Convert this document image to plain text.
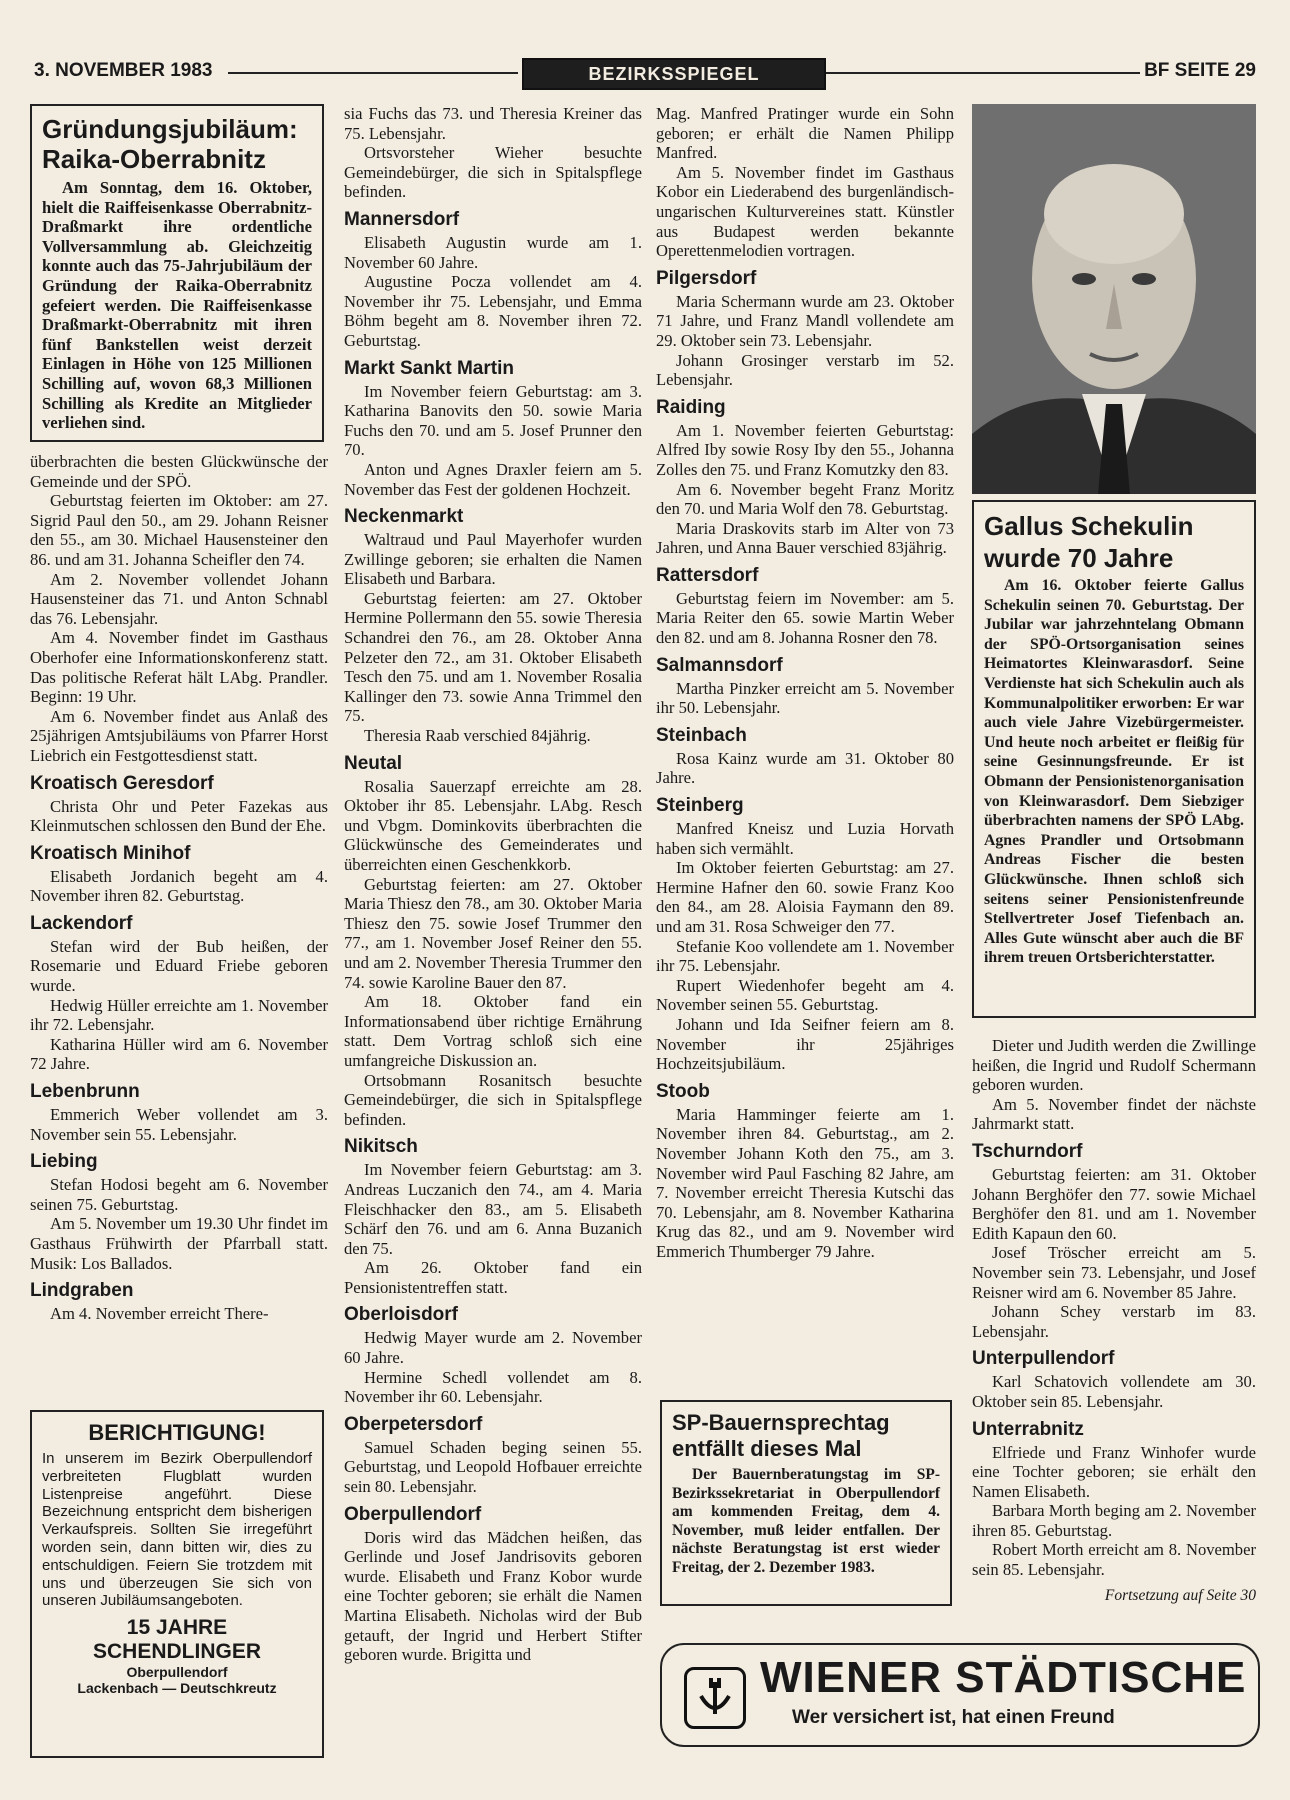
3. NOVEMBER 1983	BEZIRKSSPIEGEL	BF SEITE 29
Gründungsjubiläum:
Raika-Oberrabnitz

Am Sonntag, dem 16. Oktober, hielt die Raiffeisenkasse Oberrabnitz-Draßmarkt ihre ordentliche Vollversammlung ab. Gleichzeitig konnte auch das 75-Jahrjubiläum der Gründung der Raika-Oberrabnitz gefeiert werden. Die Raiffeisenkasse Draßmarkt-Oberrabnitz mit ihren fünf Bankstellen weist derzeit Einlagen in Höhe von 125 Millionen Schilling auf, wovon 68,3 Millionen Schilling als Kredite an Mitglieder verliehen sind.

überbrachten die besten Glückwünsche der Gemeinde und der SPÖ.

Geburtstag feierten im Oktober: am 27. Sigrid Paul den 50., am 29. Johann Reisner den 55., am 30. Michael Hausensteiner den 86. und am 31. Johanna Scheifler den 74.

Am 2. November vollendet Johann Hausensteiner das 71. und Anton Schnabl das 76. Lebensjahr.

Am 4. November findet im Gasthaus Oberhofer eine Informationskonferenz statt. Das politische Referat hält LAbg. Prandler. Beginn: 19 Uhr.

Am 6. November findet aus Anlaß des 25jährigen Amtsjubiläums von Pfarrer Horst Liebrich ein Festgottesdienst statt.

Kroatisch Geresdorf

Christa Ohr und Peter Fazekas aus Kleinmutschen schlossen den Bund der Ehe.

Kroatisch Minihof

Elisabeth Jordanich begeht am 4. November ihren 82. Geburtstag.

Lackendorf

Stefan wird der Bub heißen, der Rosemarie und Eduard Friebe geboren wurde.

Hedwig Hüller erreichte am 1. November ihr 72. Lebensjahr.

Katharina Hüller wird am 6. November 72 Jahre.

Lebenbrunn

Emmerich Weber vollendet am 3. November sein 55. Lebensjahr.

Liebing

Stefan Hodosi begeht am 6. November seinen 75. Geburtstag.

Am 5. November um 19.30 Uhr findet im Gasthaus Frühwirth der Pfarrball statt. Musik: Los Ballados.

Lindgraben

Am 4. November erreicht There-

BERICHTIGUNG!
In unserem im Bezirk Oberpullendorf verbreiteten Flugblatt wurden Listenpreise angeführt. Diese Bezeichnung entspricht dem bisherigen Verkaufspreis. Sollten Sie irregeführt worden sein, dann bitten wir, dies zu entschuldigen. Feiern Sie trotzdem mit uns und überzeugen Sie sich von unseren Jubiläumsangeboten.
15 JAHRE
SCHENDLINGER
Oberpullendorf
Lackenbach — Deutschkreutz

sia Fuchs das 73. und Theresia Kreiner das 75. Lebensjahr.

Ortsvorsteher Wieher besuchte Gemeindebürger, die sich in Spitalspflege befinden.

Mannersdorf

Elisabeth Augustin wurde am 1. November 60 Jahre.

Augustine Pocza vollendet am 4. November ihr 75. Lebensjahr, und Emma Böhm begeht am 8. November ihren 72. Geburtstag.

Markt Sankt Martin

Im November feiern Geburtstag: am 3. Katharina Banovits den 50. sowie Maria Fuchs den 70. und am 5. Josef Prunner den 70.

Anton und Agnes Draxler feiern am 5. November das Fest der goldenen Hochzeit.

Neckenmarkt

Waltraud und Paul Mayerhofer wurden Zwillinge geboren; sie erhalten die Namen Elisabeth und Barbara.

Geburtstag feierten: am 27. Oktober Hermine Pollermann den 55. sowie Theresia Schandrei den 76., am 28. Oktober Anna Pelzeter den 72., am 31. Oktober Elisabeth Tesch den 75. und am 1. November Rosalia Kallinger den 73. sowie Anna Trimmel den 75.

Theresia Raab verschied 84jährig.

Neutal

Rosalia Sauerzapf erreichte am 28. Oktober ihr 85. Lebensjahr. LAbg. Resch und Vbgm. Dominkovits überbrachten die Glückwünsche des Gemeinderates und überreichten einen Geschenkkorb.

Geburtstag feierten: am 27. Oktober Maria Thiesz den 78., am 30. Oktober Maria Thiesz den 75. sowie Josef Trummer den 77., am 1. November Josef Reiner den 55. und am 2. November Theresia Trummer den 74. sowie Karoline Bauer den 87.

Am 18. Oktober fand ein Informationsabend über richtige Ernährung statt. Dem Vortrag schloß sich eine umfangreiche Diskussion an.

Ortsobmann Rosanitsch besuchte Gemeindebürger, die sich in Spitalspflege befinden.

Nikitsch

Im November feiern Geburtstag: am 3. Andreas Luczanich den 74., am 4. Maria Fleischhacker den 83., am 5. Elisabeth Schärf den 76. und am 6. Anna Buzanich den 75.

Am 26. Oktober fand ein Pensionistentreffen statt.

Oberloisdorf

Hedwig Mayer wurde am 2. November 60 Jahre.

Hermine Schedl vollendet am 8. November ihr 60. Lebensjahr.

Oberpetersdorf

Samuel Schaden beging seinen 55. Geburtstag, und Leopold Hofbauer erreichte sein 80. Lebensjahr.

Oberpullendorf

Doris wird das Mädchen heißen, das Gerlinde und Josef Jandrisovits geboren wurde. Elisabeth und Franz Kobor wurde eine Tochter geboren; sie erhält die Namen Martina Elisabeth. Nicholas wird der Bub getauft, der Ingrid und Herbert Stifter geboren wurde. Brigitta und

Mag. Manfred Pratinger wurde ein Sohn geboren; er erhält die Namen Philipp Manfred.

Am 5. November findet im Gasthaus Kobor ein Liederabend des burgenländisch-ungarischen Kulturvereines statt. Künstler aus Budapest werden bekannte Operettenmelodien vortragen.

Pilgersdorf

Maria Schermann wurde am 23. Oktober 71 Jahre, und Franz Mandl vollendete am 29. Oktober sein 73. Lebensjahr.

Johann Grosinger verstarb im 52. Lebensjahr.

Raiding

Am 1. November feierten Geburtstag: Alfred Iby sowie Rosy Iby den 55., Johanna Zolles den 75. und Franz Komutzky den 83.

Am 6. November begeht Franz Moritz den 70. und Maria Wolf den 78. Geburtstag.

Maria Draskovits starb im Alter von 73 Jahren, und Anna Bauer verschied 83jährig.

Rattersdorf

Geburtstag feiern im November: am 5. Maria Reiter den 65. sowie Martin Weber den 82. und am 8. Johanna Rosner den 78.

Salmannsdorf

Martha Pinzker erreicht am 5. November ihr 50. Lebensjahr.

Steinbach

Rosa Kainz wurde am 31. Oktober 80 Jahre.

Steinberg

Manfred Kneisz und Luzia Horvath haben sich vermählt.

Im Oktober feierten Geburtstag: am 27. Hermine Hafner den 60. sowie Franz Koo den 84., am 28. Aloisia Faymann den 89. und am 31. Rosa Schweiger den 77.

Stefanie Koo vollendete am 1. November ihr 75. Lebensjahr.

Rupert Wiedenhofer begeht am 4. November seinen 55. Geburtstag.

Johann und Ida Seifner feiern am 8. November ihr 25jähriges Hochzeitsjubiläum.

Stoob

Maria Hamminger feierte am 1. November ihren 84. Geburtstag., am 2. November Johann Koth den 75., am 3. November wird Paul Fasching 82 Jahre, am 7. November erreicht Theresia Kutschi das 70. Lebensjahr, am 8. November Katharina Krug das 82., und am 9. November wird Emmerich Thumberger 79 Jahre.

SP-Bauernsprechtag
entfällt dieses Mal

Der Bauernberatungstag im SP-Bezirkssekretariat in Oberpullendorf am kommenden Freitag, dem 4. November, muß leider entfallen. Der nächste Beratungstag ist erst wieder Freitag, der 2. Dezember 1983.

Gallus Schekulin
wurde 70 Jahre

Am 16. Oktober feierte Gallus Schekulin seinen 70. Geburtstag. Der Jubilar war jahrzehntelang Obmann der SPÖ-Ortsorganisation seines Heimatortes Kleinwarasdorf. Seine Verdienste hat sich Schekulin auch als Kommunalpolitiker erworben: Er war auch viele Jahre Vizebürgermeister. Und heute noch arbeitet er fleißig für seine Gesinnungsfreunde. Er ist Obmann der Pensionistenorganisation von Kleinwarasdorf. Dem Siebziger überbrachten namens der SPÖ LAbg. Agnes Prandler und Ortsobmann Andreas Fischer die besten Glückwünsche. Ihnen schloß sich seitens seiner Pensionistenfreunde Stellvertreter Josef Tiefenbach an. Alles Gute wünscht aber auch die BF ihrem treuen Ortsberichterstatter.

Dieter und Judith werden die Zwillinge heißen, die Ingrid und Rudolf Schermann geboren wurden.

Am 5. November findet der nächste Jahrmarkt statt.

Tschurndorf

Geburtstag feierten: am 31. Oktober Johann Berghöfer den 77. sowie Michael Berghöfer den 81. und am 1. November Edith Kapaun den 60.

Josef Tröscher erreicht am 5. November sein 73. Lebensjahr, und Josef Reisner wird am 6. November 85 Jahre.

Johann Schey verstarb im 83. Lebensjahr.

Unterpullendorf

Karl Schatovich vollendete am 30. Oktober sein 85. Lebensjahr.

Unterrabnitz

Elfriede und Franz Winhofer wurde eine Tochter geboren; sie erhält den Namen Elisabeth.

Barbara Morth beging am 2. November ihren 85. Geburtstag.

Robert Morth erreicht am 8. November sein 85. Lebensjahr.

Fortsetzung auf Seite 30
WIENER STÄDTISCHE
Wer versichert ist, hat einen Freund
